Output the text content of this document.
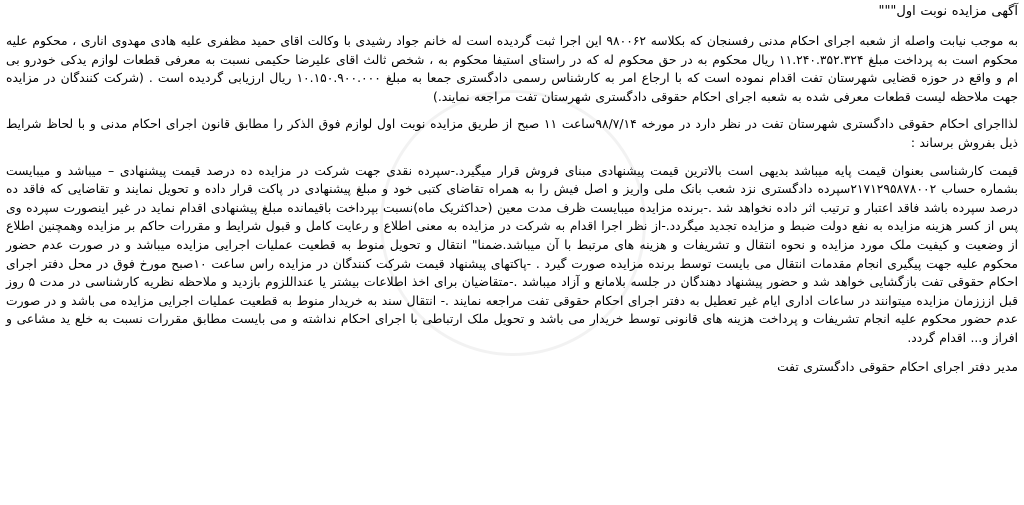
آگهی مزایده نوبت اول"""

به موجب نیابت واصله از شعبه اجرای احکام مدنی رفسنجان که بکلاسه ۹۸۰۰۶۲ این اجرا ثبت گردیده است له خانم جواد رشیدی با وکالت اقای حمید مظفری علیه هادی مهدوی اناری ، محکوم علیه محکوم است به پرداخت مبلغ ۱۱.۲۴۰.۳۵۲.۳۲۴ ریال محکوم به در حق محکوم له که در راستای استیفا محکوم به ، شخص ثالث اقای علیرضا حکیمی نسبت به معرفی قطعات لوازم یدکی خودرو بی ام و واقع در حوزه قضایی شهرستان تفت اقدام نموده است که با ارجاع امر به کارشناس رسمی دادگستری جمعا به مبلغ ۱۰.۱۵۰.۹۰۰.۰۰۰ ریال ارزیابی گردیده است . (شرکت کنندگان در مزایده جهت ملاحظه لیست قطعات معرفی شده به شعبه اجرای احکام حقوقی دادگستری شهرستان تفت مراجعه نمایند.)

لذااجرای احکام حقوقی دادگستری شهرستان تفت در نظر دارد در مورخه ۹۸/۷/۱۴ساعت ۱۱ صبح از طریق مزایده نوبت اول لوازم فوق الذکر را مطابق قانون اجرای احکام مدنی و با لحاظ شرایط ذیل بفروش برساند :

قیمت کارشناسی بعنوان قیمت پایه میباشد بدیهی است بالاترین قیمت پیشنهادی مبنای فروش قرار میگیرد.-سپرده نقدی جهت شرکت در مزایده ده درصد قیمت پیشنهادی – میباشد و میبایست بشماره حساب ۲۱۷۱۲۹۵۸۷۸۰۰۲سپرده دادگستری نزد شعب بانک ملی واریز و اصل فیش را به همراه تقاضای کتبی خود و مبلغ پیشنهادی در پاکت قرار داده و تحویل نمایند و تقاضایی که فاقد ده درصد سپرده باشد فاقد اعتبار و ترتیب اثر داده نخواهد شد .-برنده مزایده میبایست ظرف مدت معین (حداکثریک ماه)نسبت بپرداخت باقیمانده مبلغ پیشنهادی اقدام نماید در غیر اینصورت سپرده وی پس از کسر هزینه مزایده به نفع دولت ضبط و مزایده تجدید میگردد.-از نظر اجرا اقدام به شرکت در مزایده به معنی اطلاع و رعایت کامل و قبول شرایط و مقررات حاکم بر مزایده وهمچنین اطلاع از وضعیت و کیفیت ملک مورد مزایده و نحوه انتقال و تشریفات و هزینه های مرتبط با آن میباشد.ضمنا" انتقال و تحویل منوط به قطعیت عملیات اجرایی مزایده میباشد و در صورت عدم حضور محکوم علیه جهت پیگیری انجام مقدمات انتقال می بایست توسط برنده مزایده صورت گیرد . -پاکتهای پیشنهاد قیمت شرکت کنندگان در مزایده راس ساعت ۱۰صبح مورخ فوق در محل دفتر اجرای احکام حقوقی تفت بازگشایی خواهد شد و حضور پیشنهاد دهندگان در جلسه بلامانع و آزاد میباشد .-متقاضیان برای اخذ اطلاعات بیشتر یا عنداللزوم بازدید و ملاحظه نظریه کارشناسی در مدت ۵ روز قبل ازززمان مزایده میتوانند در ساعات اداری ایام غیر تعطیل به دفتر اجرای احکام حقوقی تفت مراجعه نمایند .- انتقال سند به خریدار منوط به قطعیت عملیات اجرایی مزایده می باشد و در صورت عدم حضور محکوم علیه انجام تشریفات و پرداخت هزینه های قانونی توسط خریدار می باشد و تحویل ملک ارتباطی با اجرای احکام نداشته و می بایست مطابق مقررات نسبت به خلع ید مشاعی و افراز و... اقدام گردد.

مدیر دفتر اجرای احکام حقوقی دادگستری تفت
